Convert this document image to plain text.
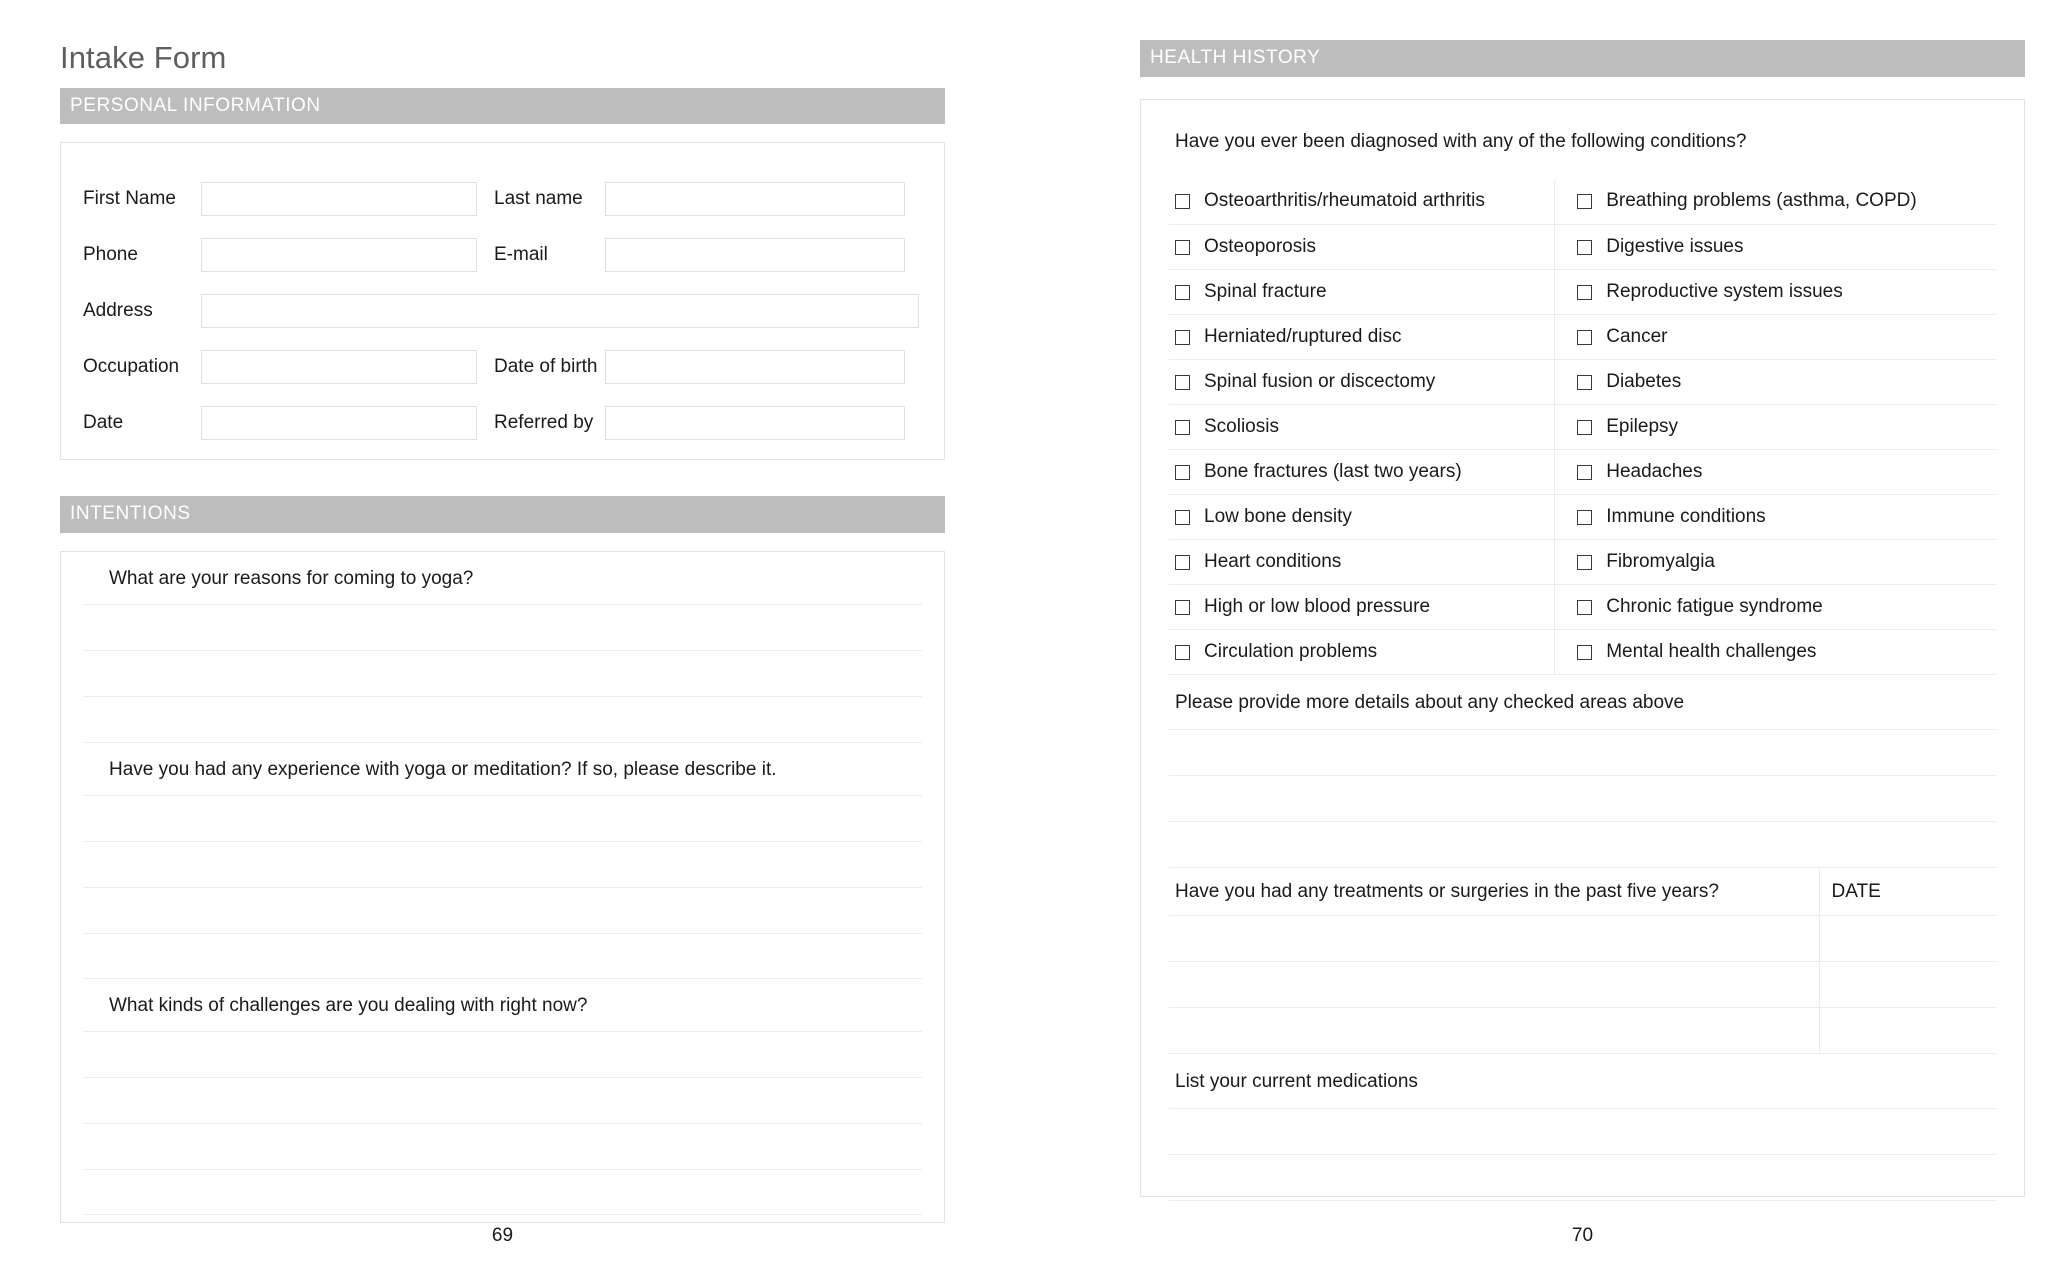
Intake Form
PERSONAL INFORMATION
First Name	Last name
Phone	E-mail
Address
Occupation	Date of birth
Date	Referred by
INTENTIONS
What are your reasons for coming to yoga?
Have you had any experience with yoga or meditation? If so, please describe it.
What kinds of challenges are you dealing with right now?
HEALTH HISTORY
Have you ever been diagnosed with any of the following conditions?
Osteoarthritis/rheumatoid arthritis	Breathing problems (asthma, COPD)

Osteoporosis	Digestive issues

Spinal fracture	Reproductive system issues

Herniated/ruptured disc	Cancer

Spinal fusion or discectomy	Diabetes

Scoliosis	Epilepsy

Bone fractures (last two years)	Headaches

Low bone density	Immune conditions

Heart conditions	Fibromyalgia

High or low blood pressure	Chronic fatigue syndrome

Circulation problems	Mental health challenges
Please provide more details about any checked areas above
Have you had any treatments or surgeries in the past five years?	DATE

List your current medications
69	70
